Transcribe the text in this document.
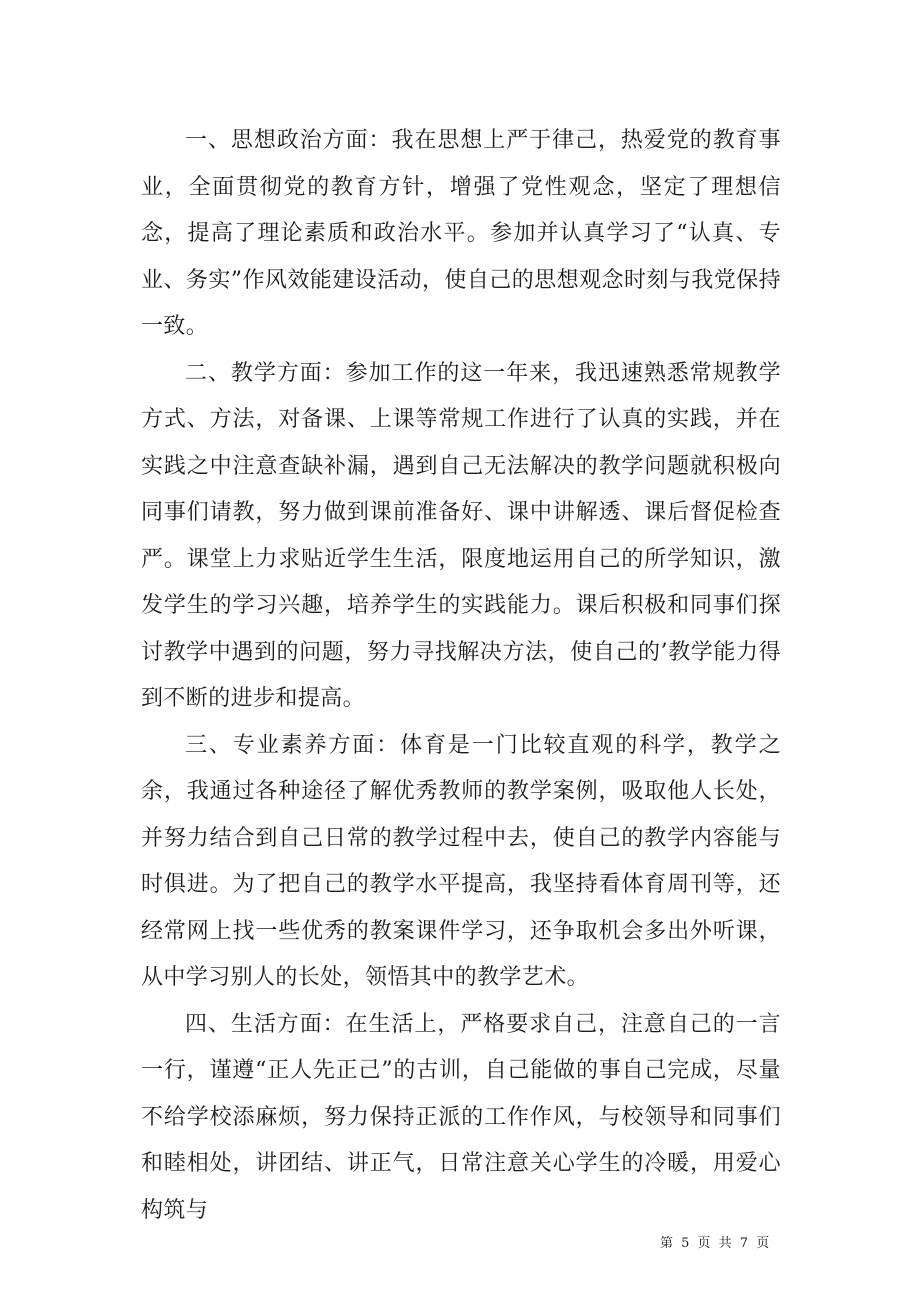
一、思想政治方面：我在思想上严于律己，热爱党的教育事业，全面贯彻党的教育方针，增强了党性观念，坚定了理想信念，提高了理论素质和政治水平。参加并认真学习了“认真、专业、务实”作风效能建设活动，使自己的思想观念时刻与我党保持一致。

二、教学方面：参加工作的这一年来，我迅速熟悉常规教学方式、方法，对备课、上课等常规工作进行了认真的实践，并在实践之中注意查缺补漏，遇到自己无法解决的教学问题就积极向同事们请教，努力做到课前准备好、课中讲解透、课后督促检查严。课堂上力求贴近学生生活，限度地运用自己的所学知识，激发学生的学习兴趣，培养学生的实践能力。课后积极和同事们探讨教学中遇到的问题，努力寻找解决方法，使自己的’教学能力得到不断的进步和提高。

三、专业素养方面：体育是一门比较直观的科学，教学之余，我通过各种途径了解优秀教师的教学案例，吸取他人长处，并努力结合到自己日常的教学过程中去，使自己的教学内容能与时俱进。为了把自己的教学水平提高，我坚持看体育周刊等，还经常网上找一些优秀的教案课件学习，还争取机会多出外听课，从中学习别人的长处，领悟其中的教学艺术。

四、生活方面：在生活上，严格要求自己，注意自己的一言一行，谨遵“正人先正己”的古训，自己能做的事自己完成，尽量不给学校添麻烦，努力保持正派的工作作风，与校领导和同事们和睦相处，讲团结、讲正气，日常注意关心学生的冷暖，用爱心构筑与

第 5 页 共 7 页
